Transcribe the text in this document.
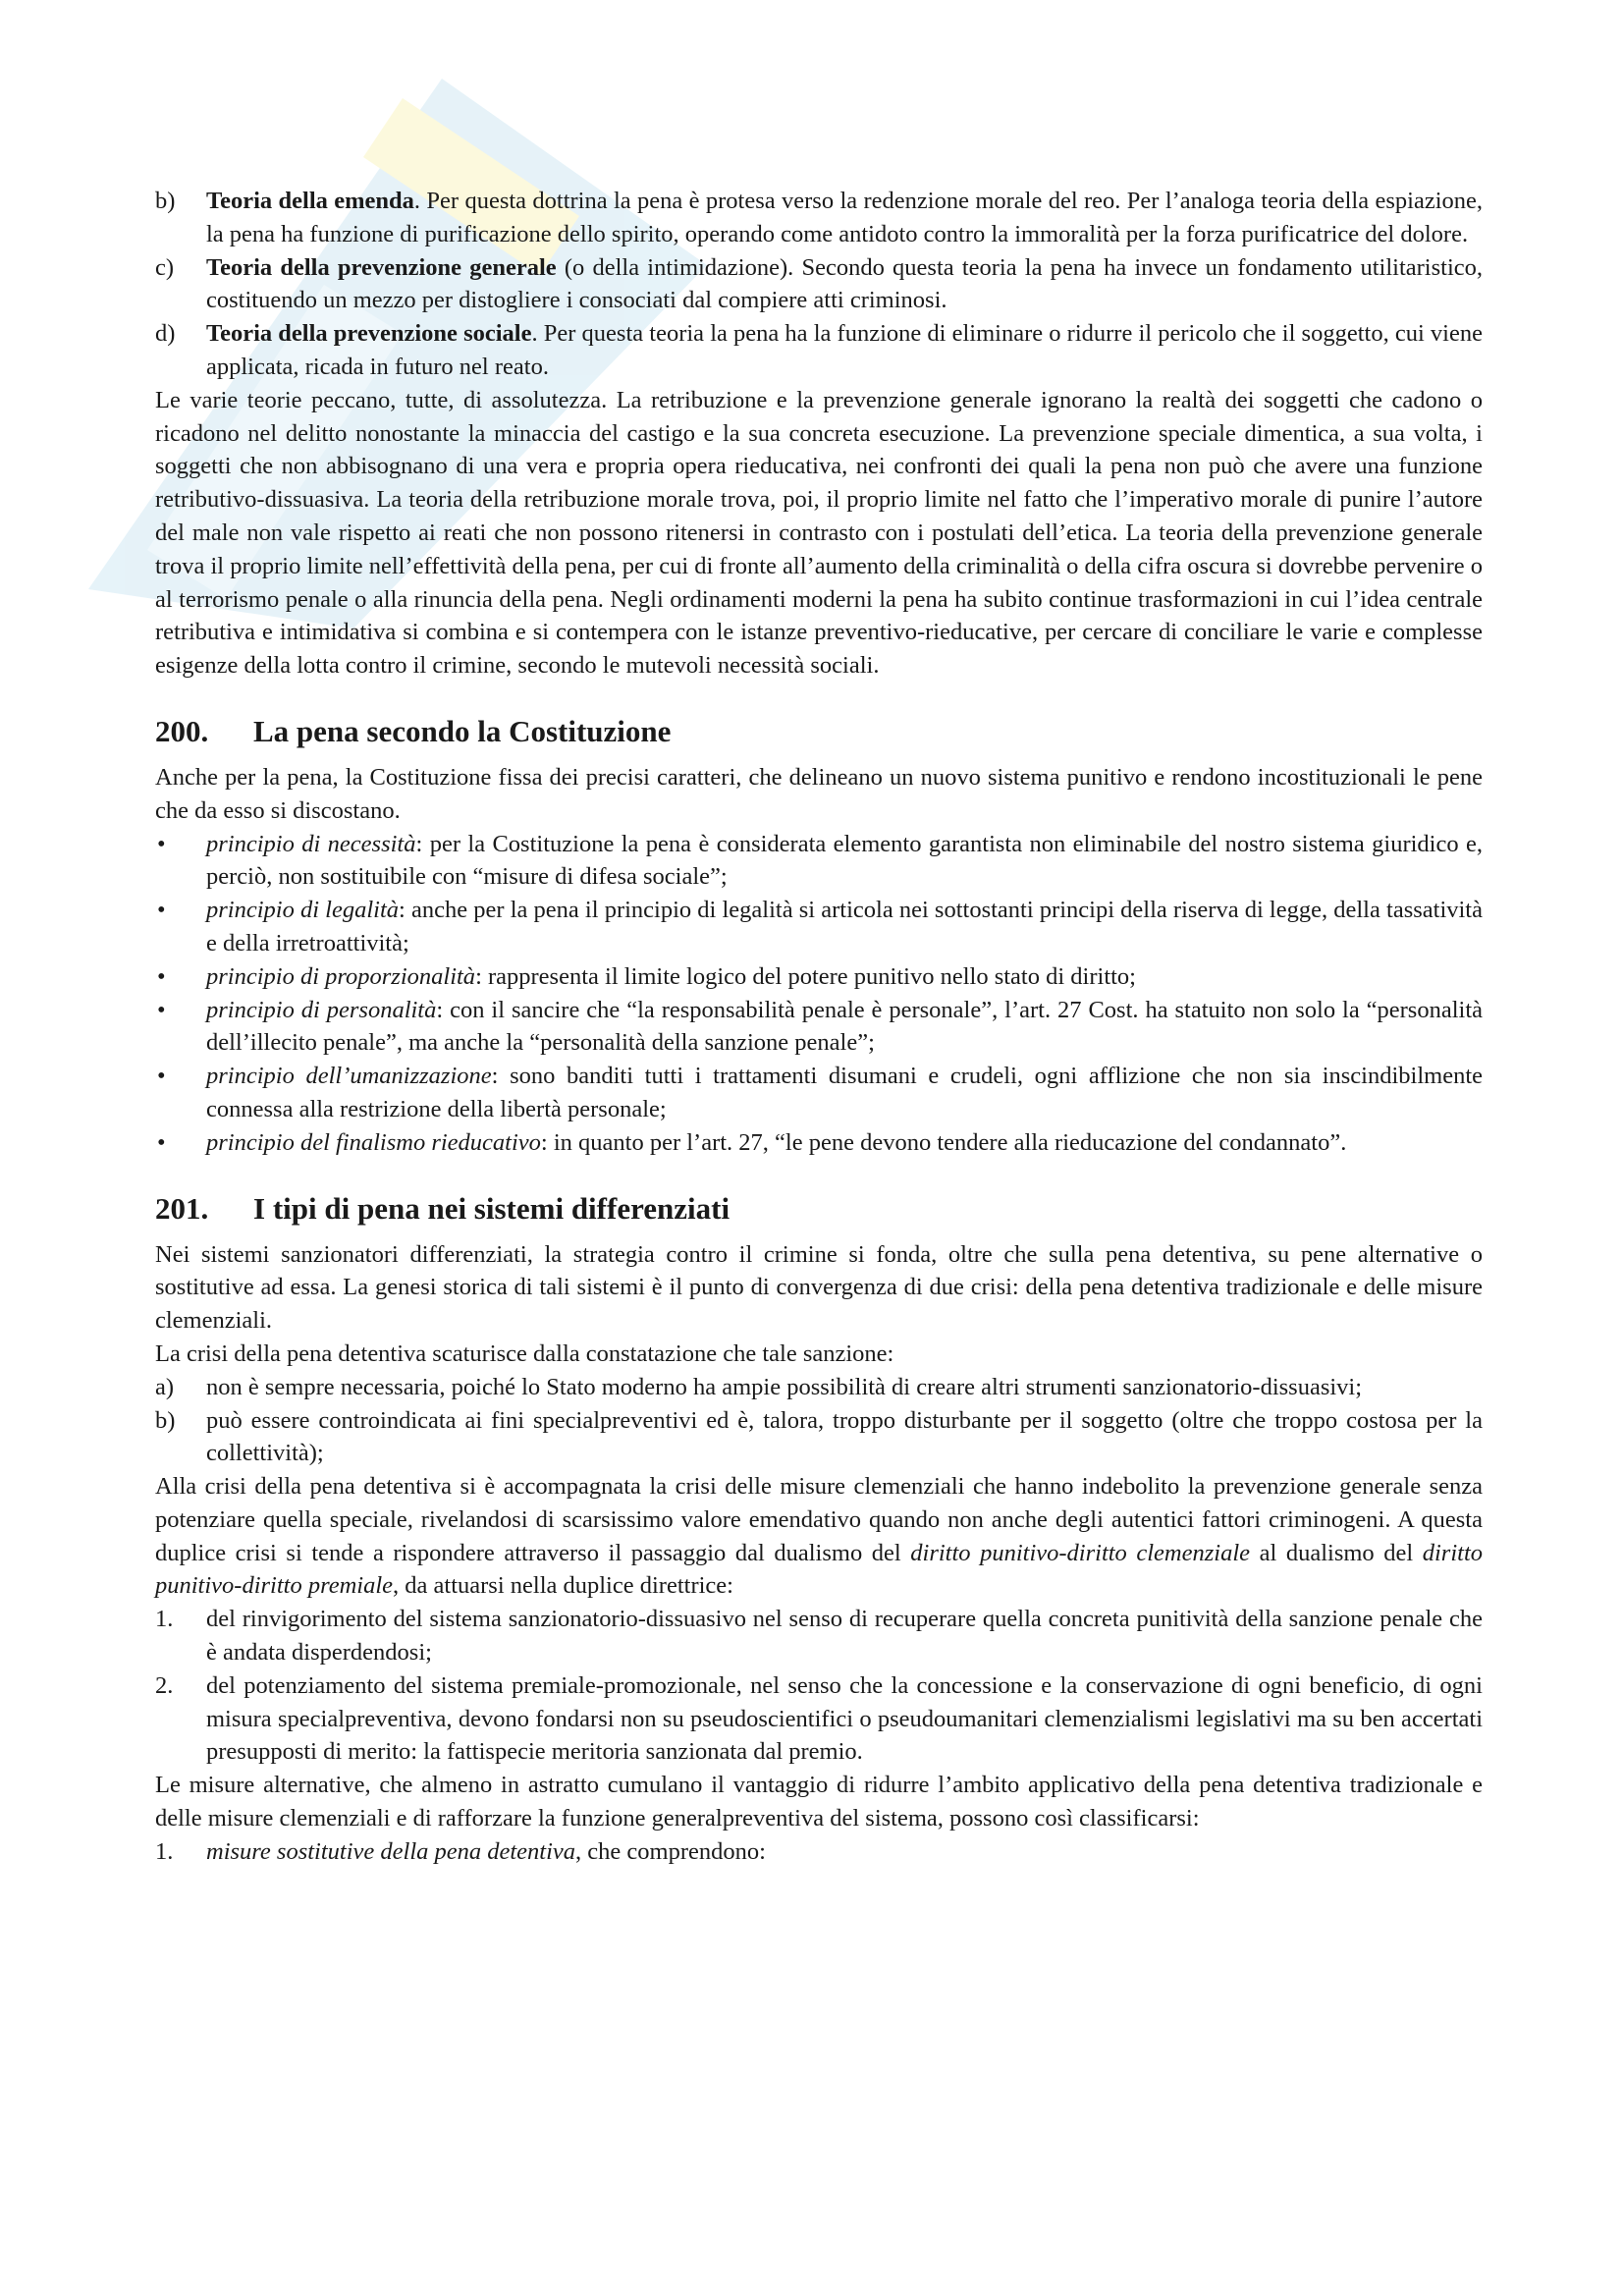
b) Teoria della emenda. Per questa dottrina la pena è protesa verso la redenzione morale del reo. Per l’analoga teoria della espiazione, la pena ha funzione di purificazione dello spirito, operando come antidoto contro la immoralità per la forza purificatrice del dolore.
c) Teoria della prevenzione generale (o della intimidazione). Secondo questa teoria la pena ha invece un fondamento utilitaristico, costituendo un mezzo per distogliere i consociati dal compiere atti criminosi.
d) Teoria della prevenzione sociale. Per questa teoria la pena ha la funzione di eliminare o ridurre il pericolo che il soggetto, cui viene applicata, ricada in futuro nel reato.

Le varie teorie peccano, tutte, di assolutezza. La retribuzione e la prevenzione generale ignorano la realtà dei soggetti che cadono o ricadono nel delitto nonostante la minaccia del castigo e la sua concreta esecuzione. La prevenzione speciale dimentica, a sua volta, i soggetti che non abbisognano di una vera e propria opera rieducativa, nei confronti dei quali la pena non può che avere una funzione retributivo-dissuasiva. La teoria della retribuzione morale trova, poi, il proprio limite nel fatto che l’imperativo morale di punire l’autore del male non vale rispetto ai reati che non possono ritenersi in contrasto con i postulati dell’etica. La teoria della prevenzione generale trova il proprio limite nell’effettività della pena, per cui di fronte all’aumento della criminalità o della cifra oscura si dovrebbe pervenire o al terrorismo penale o alla rinuncia della pena. Negli ordinamenti moderni la pena ha subito continue trasformazioni in cui l’idea centrale retributiva e intimidativa si combina e si contempera con le istanze preventivo-rieducative, per cercare di conciliare le varie e complesse esigenze della lotta contro il crimine, secondo le mutevoli necessità sociali.

200. La pena secondo la Costituzione

Anche per la pena, la Costituzione fissa dei precisi caratteri, che delineano un nuovo sistema punitivo e rendono incostituzionali le pene che da esso si discostano.

• principio di necessità: per la Costituzione la pena è considerata elemento garantista non eliminabile del nostro sistema giuridico e, perciò, non sostituibile con “misure di difesa sociale”;
• principio di legalità: anche per la pena il principio di legalità si articola nei sottostanti principi della riserva di legge, della tassatività e della irretroattività;
• principio di proporzionalità: rappresenta il limite logico del potere punitivo nello stato di diritto;
• principio di personalità: con il sancire che “la responsabilità penale è personale”, l’art. 27 Cost. ha statuito non solo la “personalità dell’illecito penale”, ma anche la “personalità della sanzione penale”;
• principio dell’umanizzazione: sono banditi tutti i trattamenti disumani e crudeli, ogni afflizione che non sia inscindibilmente connessa alla restrizione della libertà personale;
• principio del finalismo rieducativo: in quanto per l’art. 27, “le pene devono tendere alla rieducazione del condannato”.
201. I tipi di pena nei sistemi differenziati

Nei sistemi sanzionatori differenziati, la strategia contro il crimine si fonda, oltre che sulla pena detentiva, su pene alternative o sostitutive ad essa. La genesi storica di tali sistemi è il punto di convergenza di due crisi: della pena detentiva tradizionale e delle misure clemenziali.

La crisi della pena detentiva scaturisce dalla constatazione che tale sanzione:

a) non è sempre necessaria, poiché lo Stato moderno ha ampie possibilità di creare altri strumenti sanzionatorio-dissuasivi;
b) può essere controindicata ai fini specialpreventivi ed è, talora, troppo disturbante per il soggetto (oltre che troppo costosa per la collettività);

Alla crisi della pena detentiva si è accompagnata la crisi delle misure clemenziali che hanno indebolito la prevenzione generale senza potenziare quella speciale, rivelandosi di scarsissimo valore emendativo quando non anche degli autentici fattori criminogeni. A questa duplice crisi si tende a rispondere attraverso il passaggio dal dualismo del diritto punitivo-diritto clemenziale al dualismo del diritto punitivo-diritto premiale, da attuarsi nella duplice direttrice:

1. del rinvigorimento del sistema sanzionatorio-dissuasivo nel senso di recuperare quella concreta punitività della sanzione penale che è andata disperdendosi;
2. del potenziamento del sistema premiale-promozionale, nel senso che la concessione e la conservazione di ogni beneficio, di ogni misura specialpreventiva, devono fondarsi non su pseudoscientifici o pseudoumanitari clemenzialismi legislativi ma su ben accertati presupposti di merito: la fattispecie meritoria sanzionata dal premio.

Le misure alternative, che almeno in astratto cumulano il vantaggio di ridurre l’ambito applicativo della pena detentiva tradizionale e delle misure clemenziali e di rafforzare la funzione generalpreventiva del sistema, possono così classificarsi:

1. misure sostitutive della pena detentiva, che comprendono:
